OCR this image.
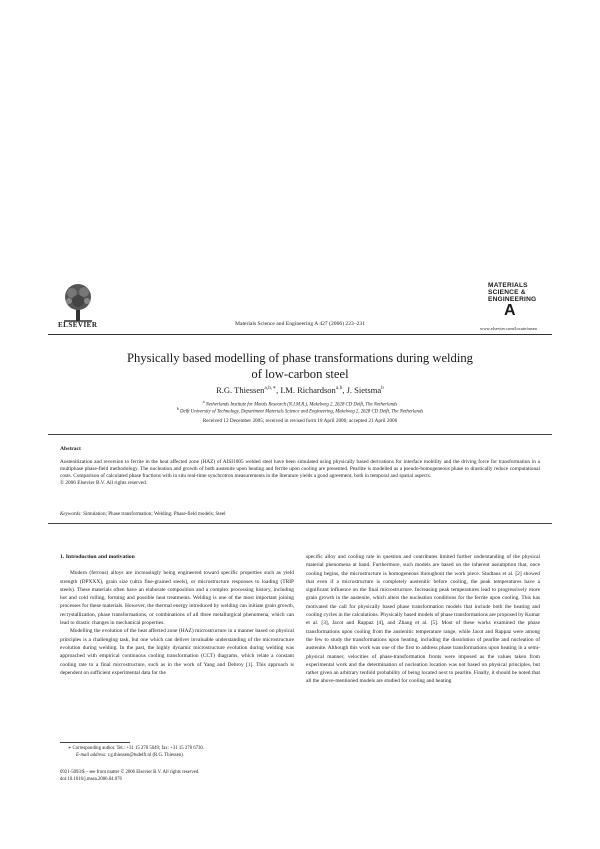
ELSEVIER	Materials Science and Engineering A 427 (2006) 223–231
MATERIALS
SCIENCE &
ENGINEERING
A
www.elsevier.com/locate/msea
Physically based modelling of phase transformations during welding
of low-carbon steel
R.G. Thiessen$^{a,b,∗}$, I.M. Richardson$^{a,b}$, J. Sietsma$^b$
$^a$ Netherlands Institute for Metals Research (N.I.M.R.), Mekelweg 2, 2628 CD Delft, The Netherlands
$^b$ Delft University of Technology, Department Materials Science and Engineering, Mekelweg 2, 2628 CD Delft, The Netherlands
Received 12 December 2005; received in revised form 18 April 2006; accepted 21 April 2006
Abstract
Austenitization and reversion to ferrite in the heat affected zone (HAZ) of AISI1005 welded steel have been simulated using physically based derivations for interface mobility and the driving force for transformation in a multiphase phase-field methodology. The nucleation and growth of both austenite upon heating and ferrite upon cooling are presented. Pearlite is modelled as a pseudo-homogeneous phase to drastically reduce computational costs. Comparison of calculated phase fractions with in situ real-time synchrotron measurements in the literature yields a good agreement, both in temporal and spatial aspects.
© 2006 Elsevier B.V. All rights reserved.
Keywords: Simulation; Phase transformation; Welding; Phase-field models; Steel
1. Introduction and motivation

Modern (ferrous) alloys are increasingly being engineered toward specific properties such as yield strength (DPXXX), grain size (ultra fine-grained steels), or microstructure responses to loading (TRIP steels). These materials often have an elaborate composition and a complex processing history, including hot and cold rolling, forming and possible heat treatments. Welding is one of the most important joining processes for these materials. However, the thermal energy introduced by welding can initiate grain growth, recrystallization, phase transformations, or combinations of all three metallurgical phenomena, which can lead to drastic changes in mechanical properties.

Modelling the evolution of the heat affected zone (HAZ) microstructure in a manner based on physical principles is a challenging task, but one which can deliver invaluable understanding of the microstructure evolution during welding. In the past, the highly dynamic microstructure evolution during welding was approached with empirical continuous cooling transformation (CCT) diagrams, which relate a constant cooling rate to a final microstructure, such as in the work of Yang and Debroy [1]. This approach is dependent on sufficient experimental data for the

specific alloy and cooling rate in question and contributes limited further understanding of the physical material phenomena at hand. Furthermore, such models are based on the inherent assumption that, once cooling begins, the microstructure is homogeneous throughout the work piece. Studtaus et al. [2] showed that even if a microstructure is completely austenitic before cooling, the peak temperatures have a significant influence on the final microstructure. Increasing peak temperatures lead to progressively more grain growth in the austenite, which alters the nucleation conditions for the ferrite upon cooling. This has motivated the call for physically based phase transformation models that include both the heating and cooling cycles in the calculations. Physically based models of phase transformations are proposed by Kumar et al. [3], Jacot and Rappaz [4], and Zhang et al. [5]. Most of these works examined the phase transformations upon cooling from the austenitic temperature range, while Jacot and Rappaz were among the few to study the transformations upon heating, including the dissolution of pearlite and nucleation of austenite. Although this work was one of the first to address phase transformations upon heating in a semi-physical manner, velocities of phase-transformation fronts were imposed as the values taken from experimental work and the determination of nucleation location was not based on physical principles, but rather given an arbitrary tenfold probability of being located next to pearlite. Finally, it should be noted that all the above-mentioned models are studied for cooling and heating

∗ Corresponding author. Tel.: +31 15 278 5049; fax: +31 15 278 6730.
E-mail address: r.g.thiessen@tudelft.nl (R.G. Thiessen).
0921-5093/$ – see front matter © 2006 Elsevier B.V. All rights reserved.
doi:10.1016/j.msea.2006.04.076
